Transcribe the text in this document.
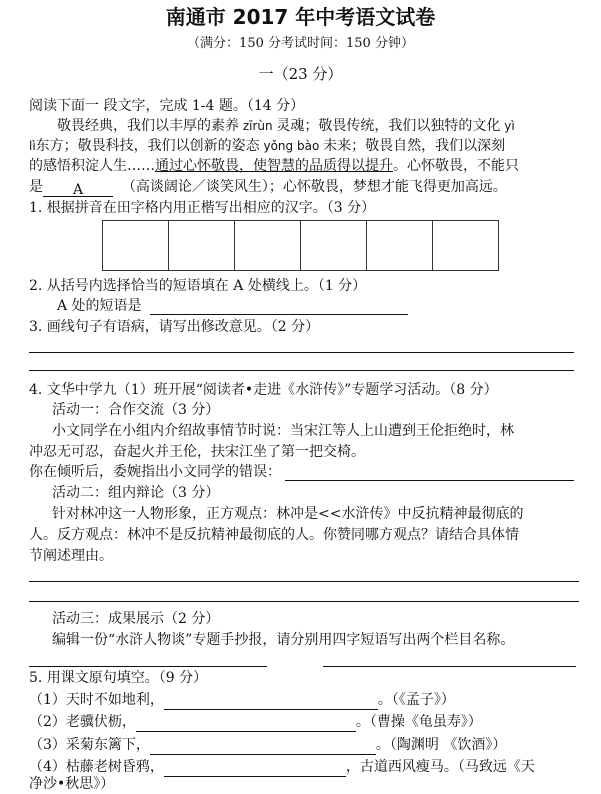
南通市 2017 年中考语文试卷
（满分：150 分考试时间：150 分钟）
一（23 分）
阅读下面一 段文字，完成 1-4 题。（14 分）
敬畏经典，我们以丰厚的素养 zīrùn 灵魂；敬畏传统，我们以独特的文化 yì
lì东方；敬畏科技，我们以创新的姿态 yǒng bào 未来；敬畏自然，我们以深刻
的感悟积淀人生……通过心怀敬畏，使智慧的品质得以提升。心怀敬畏，不能只
是 A	（高谈阔论／谈笑风生）；心怀敬畏，梦想才能飞得更加高远。
1. 根据拼音在田字格内用正楷写出相应的汉字。（3 分）
2. 从括号内选择恰当的短语填在 A 处横线上。（1 分）
A 处的短语是
3. 画线句子有语病，请写出修改意见。（2 分）
4. 文华中学九（1）班开展“阅读者•走进《水浒传》”专题学习活动。（8 分）
活动一：合作交流（3 分）
小文同学在小组内介绍故事情节时说：当宋江等人上山遭到王伦拒绝时，林
冲忍无可忍，奋起火并王伦，扶宋江坐了第一把交椅。
你在倾听后，委婉指出小文同学的错误：
活动二：组内辩论（3 分）
针对林冲这一人物形象，正方观点：林冲是<<水浒传》中反抗精神最彻底的
人。反方观点：林冲不是反抗精神最彻底的人。你赞同哪方观点？请结合具体情
节阐述理由。
活动三：成果展示（2 分）
编辑一份“水浒人物谈”专题手抄报，请分别用四字短语写出两个栏目名称。
5. 用课文原句填空。（9 分）
（1）天时不如地利，	。（《孟子》）
（2）老骥伏枥，	。（曹操《龟虽寿》）
（3）采菊东篱下，	。（陶渊明 《饮酒》）
（4）枯藤老树昏鸦，	，古道西风瘦马。（马致远《天
净沙•秋思》）
